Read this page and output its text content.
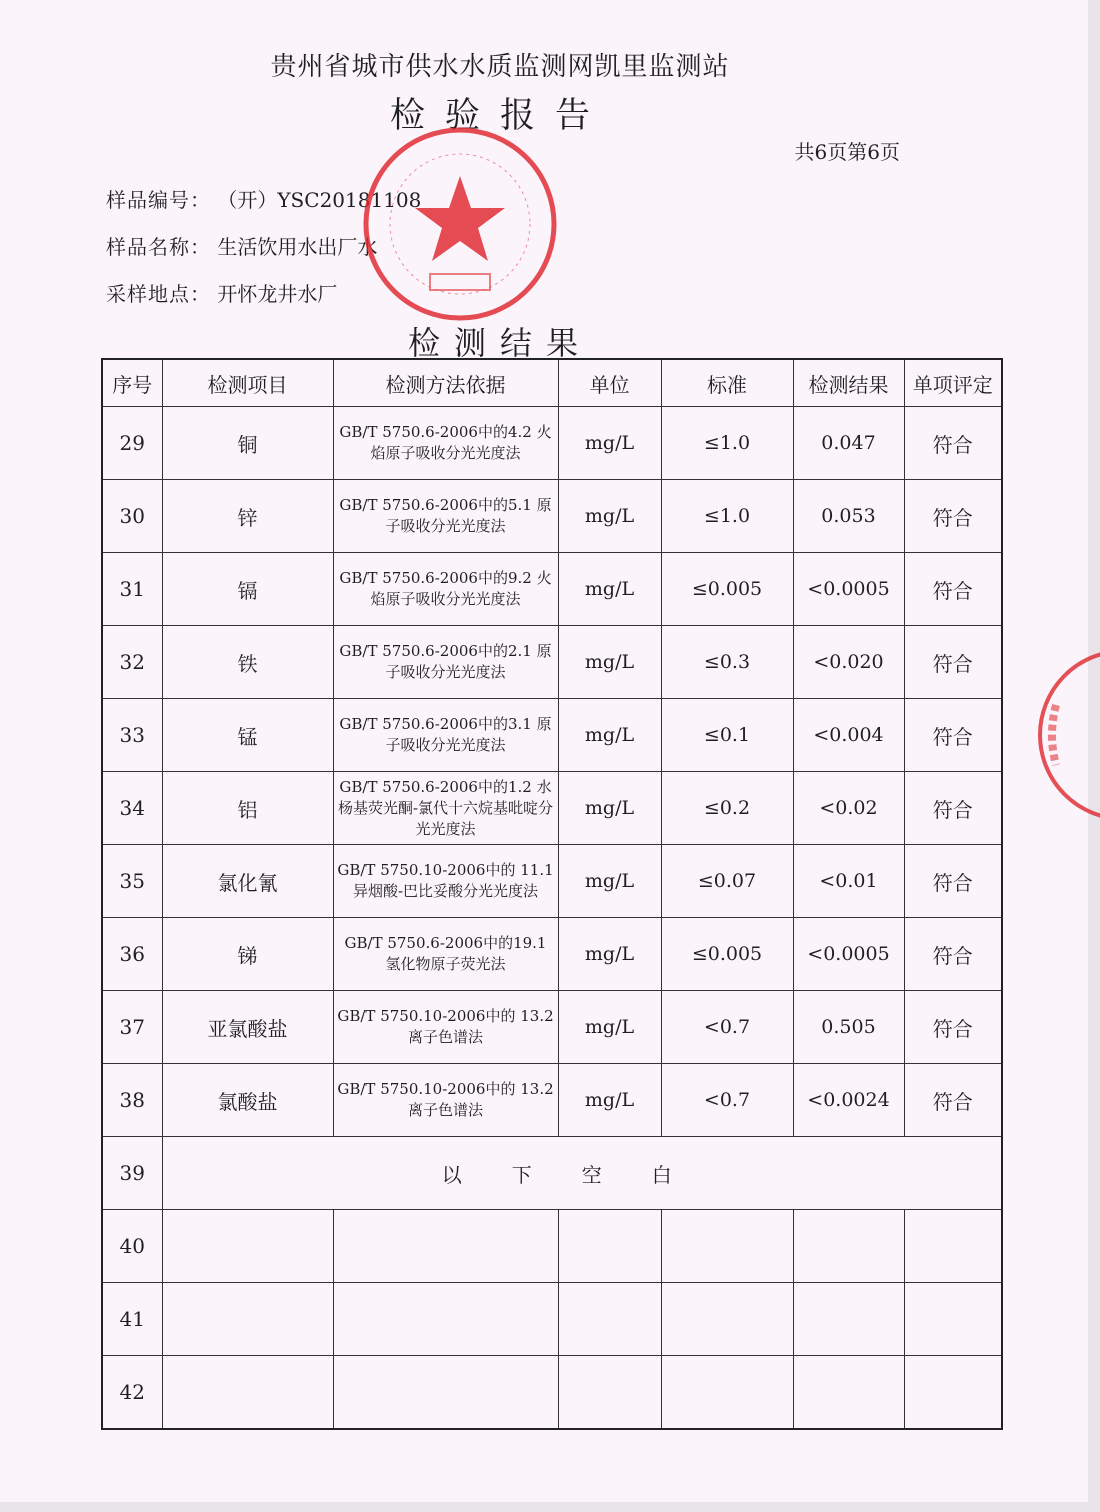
贵州省城市供水水质监测网凯里监测站
检验报告
共6页第6页
样品编号： （开）YSC20181108
样品名称： 生活饮用水出厂水
采样地点： 开怀龙井水厂
检测结果
序号	检测项目	检测方法依据	单位	标准	检测结果	单项评定
29	铜	GB/T 5750.6-2006中的4.2 火焰原子吸收分光光度法	mg/L	≤1.0	0.047	符合
30	锌	GB/T 5750.6-2006中的5.1 原子吸收分光光度法	mg/L	≤1.0	0.053	符合
31	镉	GB/T 5750.6-2006中的9.2 火焰原子吸收分光光度法	mg/L	≤0.005	<0.0005	符合
32	铁	GB/T 5750.6-2006中的2.1 原子吸收分光光度法	mg/L	≤0.3	<0.020	符合
33	锰	GB/T 5750.6-2006中的3.1 原子吸收分光光度法	mg/L	≤0.1	<0.004	符合
34	铝	GB/T 5750.6-2006中的1.2 水杨基荧光酮-氯代十六烷基吡啶分光光度法	mg/L	≤0.2	<0.02	符合
35	氯化氰	GB/T 5750.10-2006中的 11.1 异烟酸-巴比妥酸分光光度法	mg/L	≤0.07	<0.01	符合
36	锑	GB/T 5750.6-2006中的19.1 氢化物原子荧光法	mg/L	≤0.005	<0.0005	符合
37	亚氯酸盐	GB/T 5750.10-2006中的 13.2 离子色谱法	mg/L	<0.7	0.505	符合
38	氯酸盐	GB/T 5750.10-2006中的 13.2 离子色谱法	mg/L	<0.7	<0.0024	符合
39	以下空白					
40						
41						
42						
